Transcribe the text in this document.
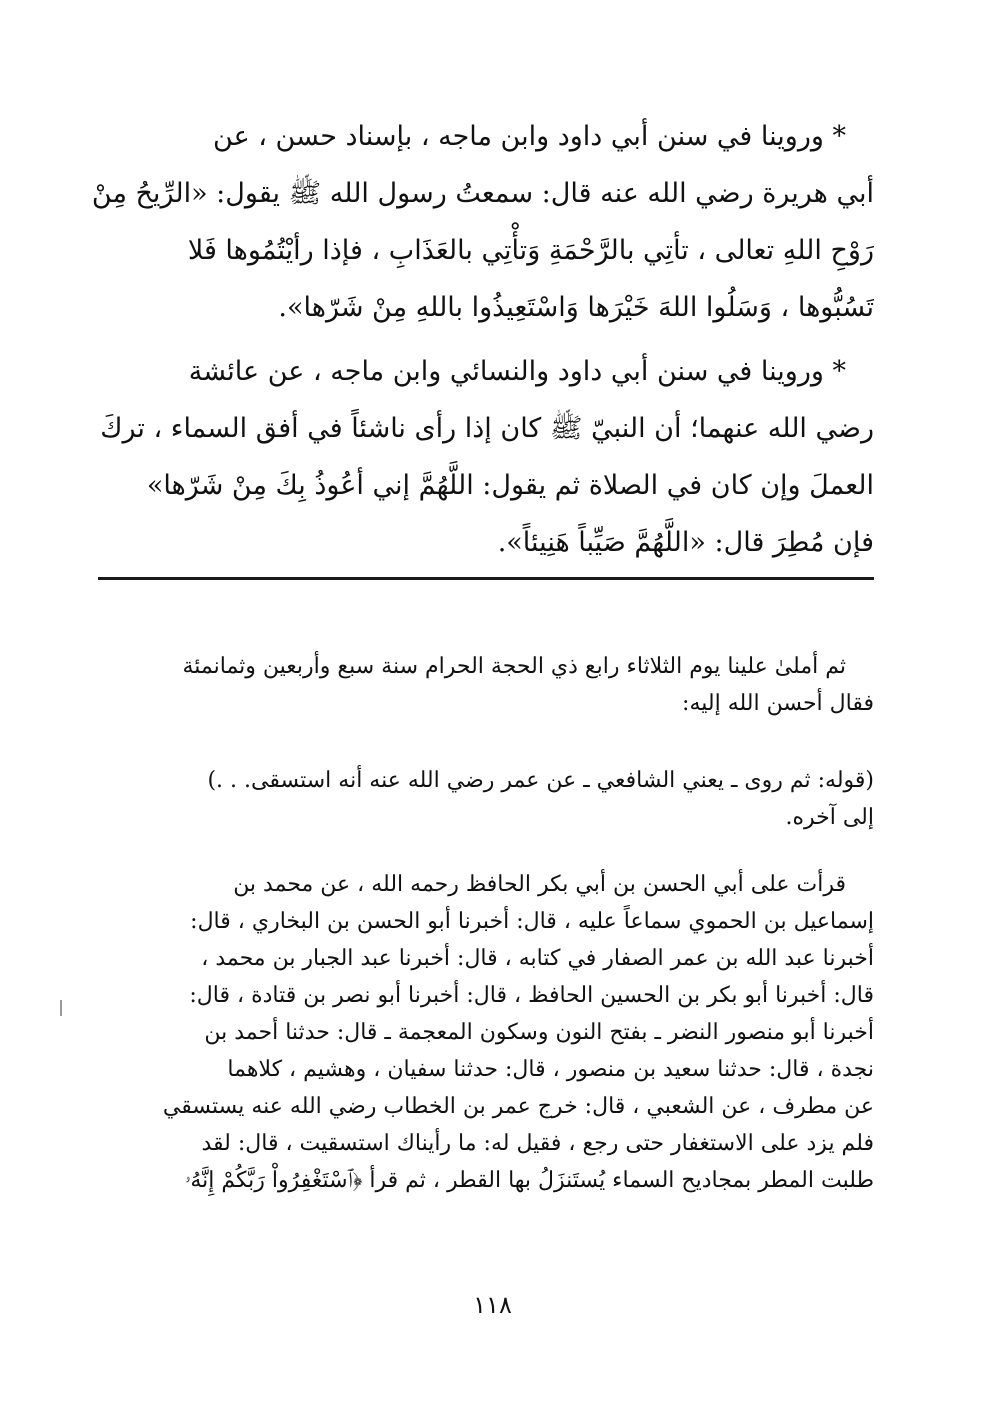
* وروينا في سنن أبي داود وابن ماجه ، بإسناد حسن ، عن
أبي هريرة رضي الله عنه قال: سمعتُ رسول الله ﷺ يقول: «الرِّيحُ مِنْ
رَوْحِ اللهِ تعالى ، تأتِي بالرَّحْمَةِ وَتأْتِي بالعَذَابِ ، فإذا رأيْتُمُوها فَلا
تَسُبُّوها ، وَسَلُوا اللهَ خَيْرَها وَاسْتَعِيذُوا باللهِ مِنْ شَرّها».
* وروينا في سنن أبي داود والنسائي وابن ماجه ، عن عائشة
رضي الله عنهما؛ أن النبيّ ﷺ كان إذا رأى ناشئاً في أفق السماء ، تركَ
العملَ وإن كان في الصلاة ثم يقول: اللَّهُمَّ إني أعُوذُ بِكَ مِنْ شَرّها»
فإن مُطِرَ قال: «اللَّهُمَّ صَيِّباً هَنِيئاً».
ثم أملىٰ علينا يوم الثلاثاء رابع ذي الحجة الحرام سنة سبع وأربعين وثمانمئة
فقال أحسن الله إليه:
(قوله: ثم روى ـ يعني الشافعي ـ عن عمر رضي الله عنه أنه استسقى. . .)
إلى آخره.
قرأت على أبي الحسن بن أبي بكر الحافظ رحمه الله ، عن محمد بن
إسماعيل بن الحموي سماعاً عليه ، قال: أخبرنا أبو الحسن بن البخاري ، قال:
أخبرنا عبد الله بن عمر الصفار في كتابه ، قال: أخبرنا عبد الجبار بن محمد ،
قال: أخبرنا أبو بكر بن الحسين الحافظ ، قال: أخبرنا أبو نصر بن قتادة ، قال:
أخبرنا أبو منصور النضر ـ بفتح النون وسكون المعجمة ـ قال: حدثنا أحمد بن
نجدة ، قال: حدثنا سعيد بن منصور ، قال: حدثنا سفيان ، وهشيم ، كلاهما
عن مطرف ، عن الشعبي ، قال: خرج عمر بن الخطاب رضي الله عنه يستسقي
فلم يزد على الاستغفار حتى رجع ، فقيل له: ما رأيناك استسقيت ، قال: لقد
طلبت المطر بمجاديح السماء يُستَنزَلُ بها القطر ، ثم قرأ ﴿ٱسْتَغْفِرُواْ رَبَّكُمْ إِنَّهُۥ
١١٨
